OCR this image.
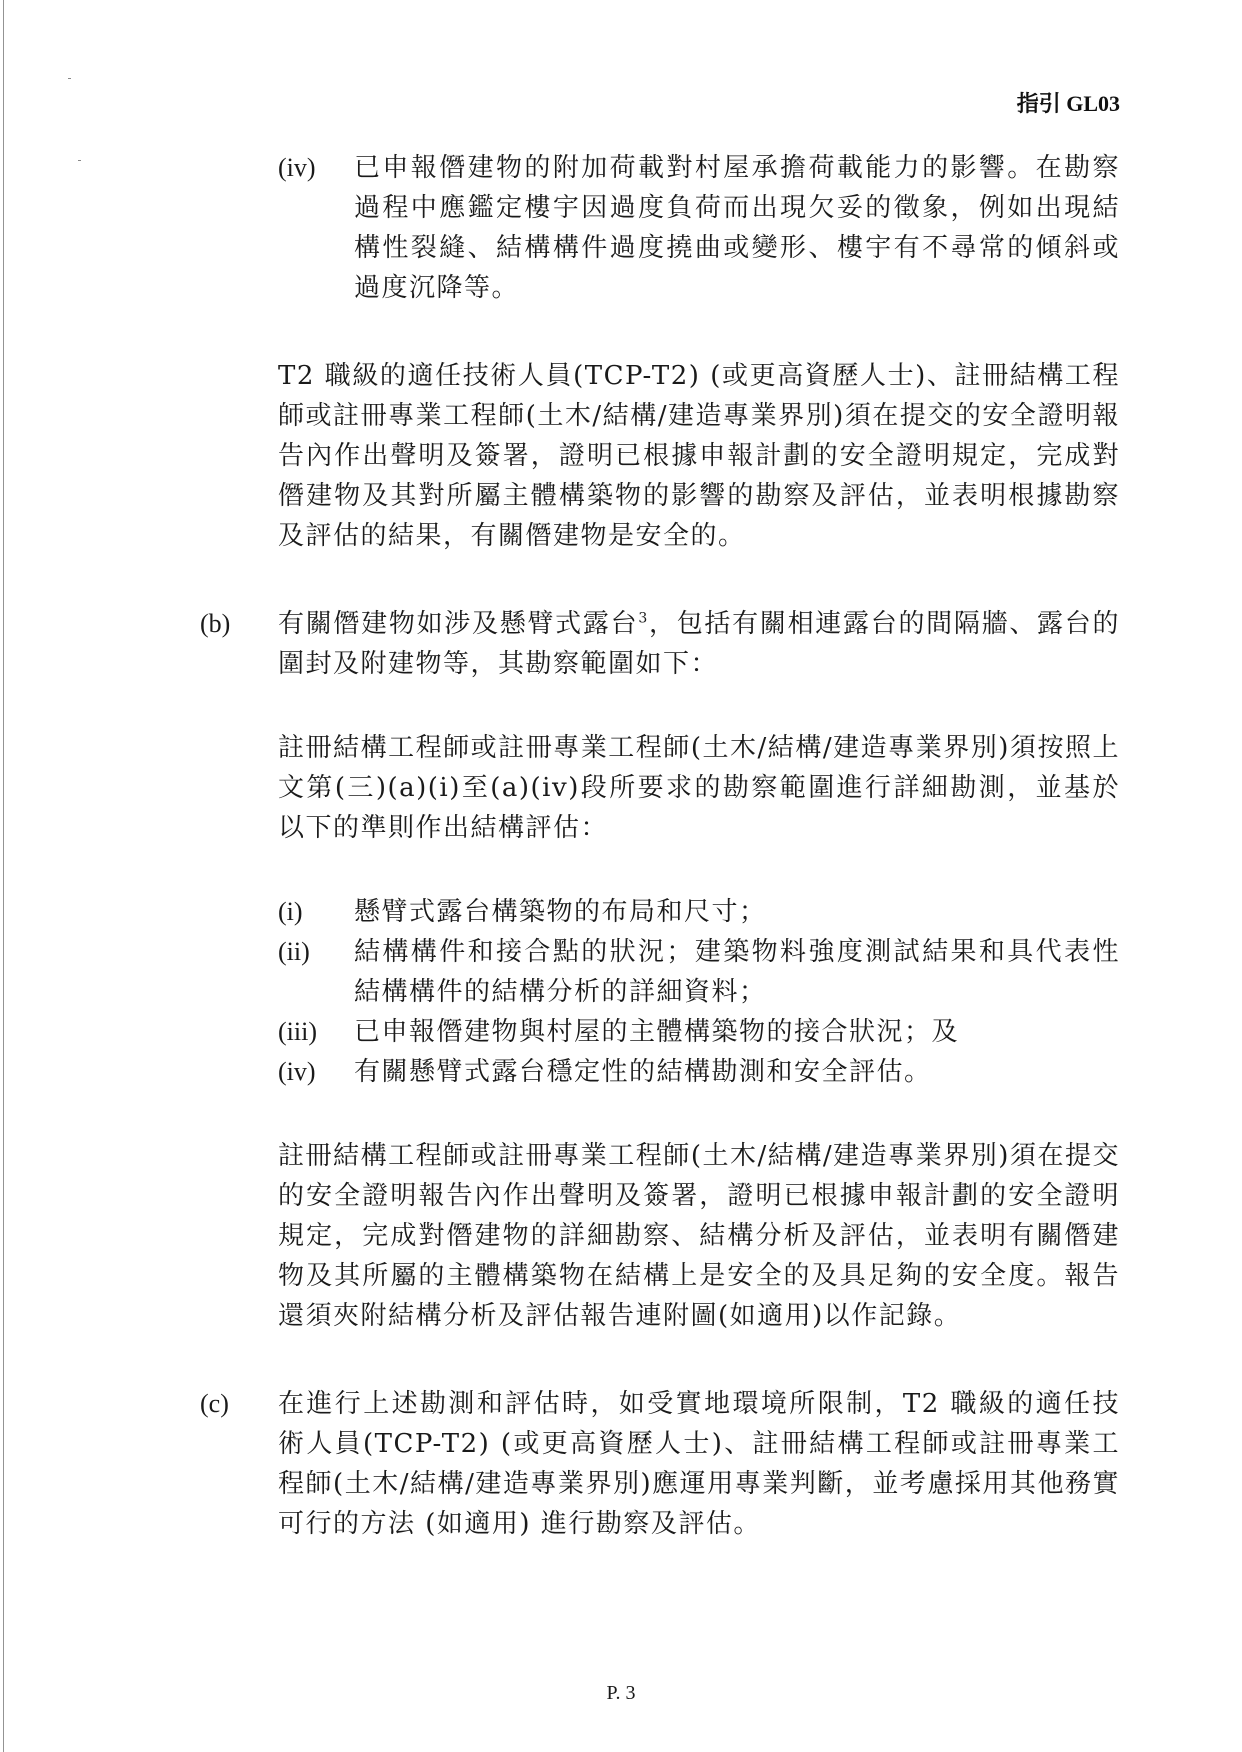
指引 GL03
(iv)	已申報僭建物的附加荷載對村屋承擔荷載能力的影響。在勘察過程中應鑑定樓宇因過度負荷而出現欠妥的徵象，例如出現結構性裂縫、結構構件過度撓曲或變形、樓宇有不尋常的傾斜或過度沉降等。

T2 職級的適任技術人員(TCP-T2) (或更高資歷人士)、註冊結構工程師或註冊專業工程師(土木/結構/建造專業界別)須在提交的安全證明報告內作出聲明及簽署，證明已根據申報計劃的安全證明規定，完成對僭建物及其對所屬主體構築物的影響的勘察及評估，並表明根據勘察及評估的結果，有關僭建物是安全的。

(b)	有關僭建物如涉及懸臂式露台$^3$，包括有關相連露台的間隔牆、露台的圍封及附建物等，其勘察範圍如下：

註冊結構工程師或註冊專業工程師(土木/結構/建造專業界別)須按照上文第(三)(a)(i)至(a)(iv)段所要求的勘察範圍進行詳細勘測，並基於以下的準則作出結構評估：

(i)	懸臂式露台構築物的布局和尺寸；
(ii)	結構構件和接合點的狀況；建築物料強度測試結果和具代表性結構構件的結構分析的詳細資料；
(iii)	已申報僭建物與村屋的主體構築物的接合狀況；及
(iv)	有關懸臂式露台穩定性的結構勘測和安全評估。

註冊結構工程師或註冊專業工程師(土木/結構/建造專業界別)須在提交的安全證明報告內作出聲明及簽署，證明已根據申報計劃的安全證明規定，完成對僭建物的詳細勘察、結構分析及評估，並表明有關僭建物及其所屬的主體構築物在結構上是安全的及具足夠的安全度。報告還須夾附結構分析及評估報告連附圖(如適用)以作記錄。

(c)	在進行上述勘測和評估時，如受實地環境所限制，T2 職級的適任技術人員(TCP-T2) (或更高資歷人士)、註冊結構工程師或註冊專業工程師(土木/結構/建造專業界別)應運用專業判斷，並考慮採用其他務實可行的方法 (如適用) 進行勘察及評估。

P. 3
